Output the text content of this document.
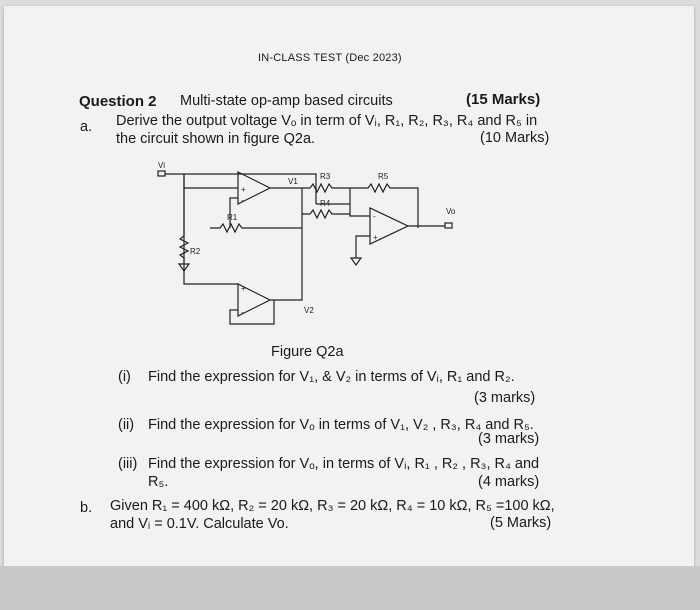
IN-CLASS TEST (Dec 2023)
Question 2 Multi-state op-amp based circuits	(15 Marks)
a. Derive the output voltage Vₒ in term of Vᵢ, R₁, R₂, R₃, R₄ and R₅ in
the circuit shown in figure Q2a.	(10 Marks)
Vi
V1
R3
R4
R5
R1
R2
Vo
V2
+
-
-
+
+
-
Figure Q2a
(i) Find the expression for V₁, & V₂ in terms of Vᵢ, R₁ and R₂.
(3 marks)
(ii) Find the expression for Vₒ in terms of V₁, V₂ , R₃, R₄ and R₅.
(3 marks)
(iii) Find the expression for Vₒ, in terms of Vᵢ, R₁ , R₂ , R₃, R₄ and
R₅.	(4 marks)
b. Given R₁ = 400 kΩ, R₂ = 20 kΩ, R₃ = 20 kΩ, R₄ = 10 kΩ, R₅ =100 kΩ,
and Vᵢ = 0.1V. Calculate Vo.	(5 Marks)
